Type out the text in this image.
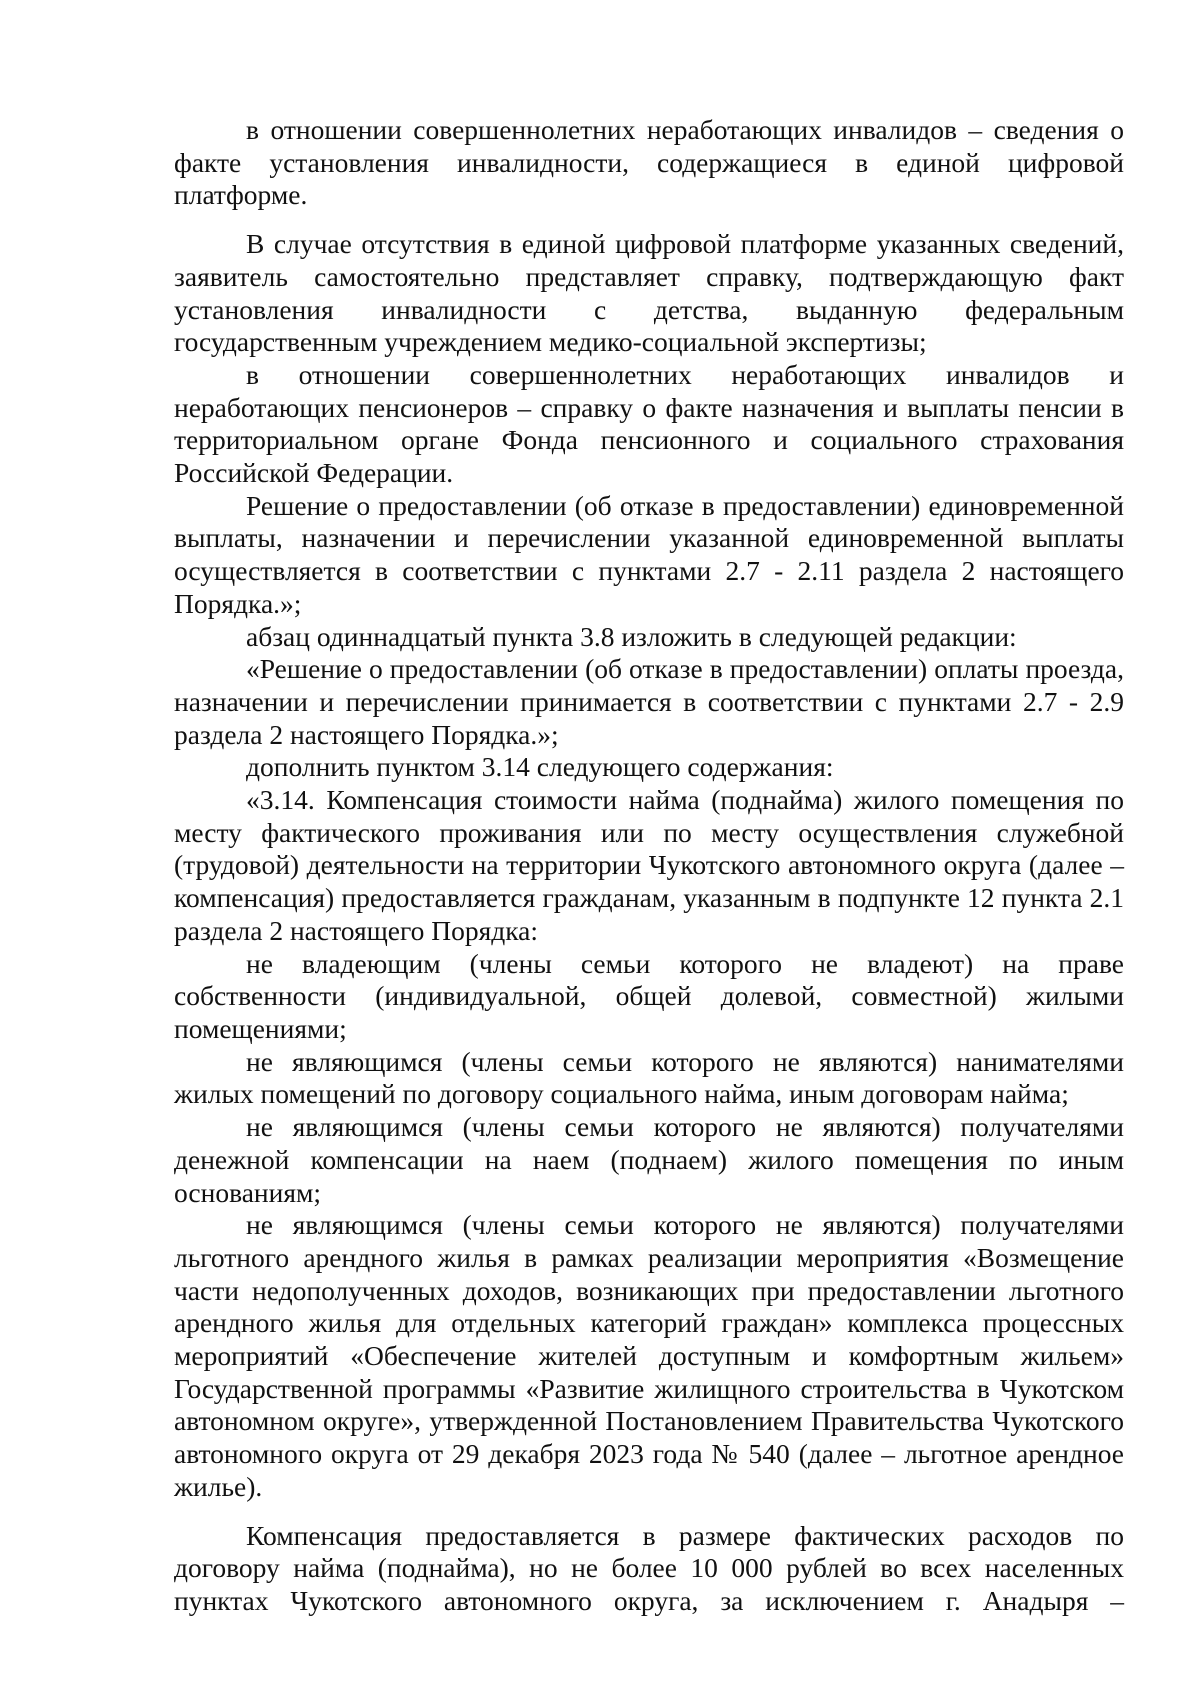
в отношении совершеннолетних неработающих инвалидов – сведения о факте установления инвалидности, содержащиеся в единой цифровой платформе.

В случае отсутствия в единой цифровой платформе указанных сведений, заявитель самостоятельно представляет справку, подтверждающую факт установления инвалидности с детства, выданную федеральным государственным учреждением медико-социальной экспертизы;

в отношении совершеннолетних неработающих инвалидов и неработающих пенсионеров – справку о факте назначения и выплаты пенсии в территориальном органе Фонда пенсионного и социального страхования Российской Федерации.

Решение о предоставлении (об отказе в предоставлении) единовременной выплаты, назначении и перечислении указанной единовременной выплаты осуществляется в соответствии с пунктами 2.7 - 2.11 раздела 2 настоящего Порядка.»;

абзац одиннадцатый пункта 3.8 изложить в следующей редакции:

«Решение о предоставлении (об отказе в предоставлении) оплаты проезда, назначении и перечислении принимается в соответствии с пунктами 2.7 - 2.9 раздела 2 настоящего Порядка.»;

дополнить пунктом 3.14 следующего содержания:

«3.14. Компенсация стоимости найма (поднайма) жилого помещения по месту фактического проживания или по месту осуществления служебной (трудовой) деятельности на территории Чукотского автономного округа (далее – компенсация) предоставляется гражданам, указанным в подпункте 12 пункта 2.1 раздела 2 настоящего Порядка:

не владеющим (члены семьи которого не владеют) на праве собственности (индивидуальной, общей долевой, совместной) жилыми помещениями;

не являющимся (члены семьи которого не являются) нанимателями жилых помещений по договору социального найма, иным договорам найма;

не являющимся (члены семьи которого не являются) получателями денежной компенсации на наем (поднаем) жилого помещения по иным основаниям;

не являющимся (члены семьи которого не являются) получателями льготного арендного жилья в рамках реализации мероприятия «Возмещение части недополученных доходов, возникающих при предоставлении льготного арендного жилья для отдельных категорий граждан» комплекса процессных мероприятий «Обеспечение жителей доступным и комфортным жильем» Государственной программы «Развитие жилищного строительства в Чукотском автономном округе», утвержденной Постановлением Правительства Чукотского автономного округа от 29 декабря 2023 года № 540 (далее – льготное арендное жилье).

Компенсация предоставляется в размере фактических расходов по договору найма (поднайма), но не более 10 000 рублей во всех населенных пунктах Чукотского автономного округа, за исключением г. Анадыря –
